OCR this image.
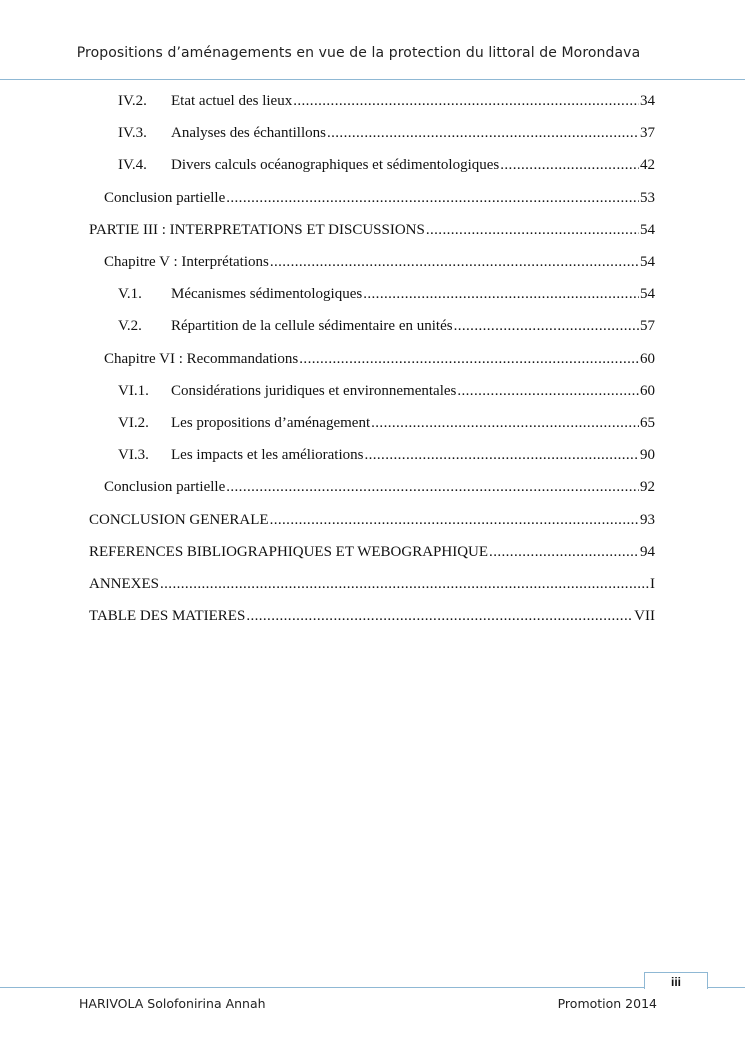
Propositions d’aménagements en vue de la protection du littoral de Morondava
IV.2.	Etat actuel des lieux .....	34
IV.3.	Analyses des échantillons .....	37
IV.4.	Divers calculs océanographiques et sédimentologiques .....	42
Conclusion partielle .....	53
PARTIE III : INTERPRETATIONS ET DISCUSSIONS .....	54
Chapitre V : Interprétations .....	54
V.1.	Mécanismes sédimentologiques .....	54
V.2.	Répartition de la cellule sédimentaire en unités .....	57
Chapitre VI : Recommandations .....	60
VI.1.	Considérations juridiques et environnementales .....	60
VI.2.	Les propositions d’aménagement .....	65
VI.3.	Les impacts et les améliorations .....	90
Conclusion partielle .....	92
CONCLUSION GENERALE .....	93
REFERENCES BIBLIOGRAPHIQUES ET WEBOGRAPHIQUE .....	94
ANNEXES .....	I
TABLE DES MATIERES .....	VII
iii
HARIVOLA Solofonirina Annah	Promotion 2014
